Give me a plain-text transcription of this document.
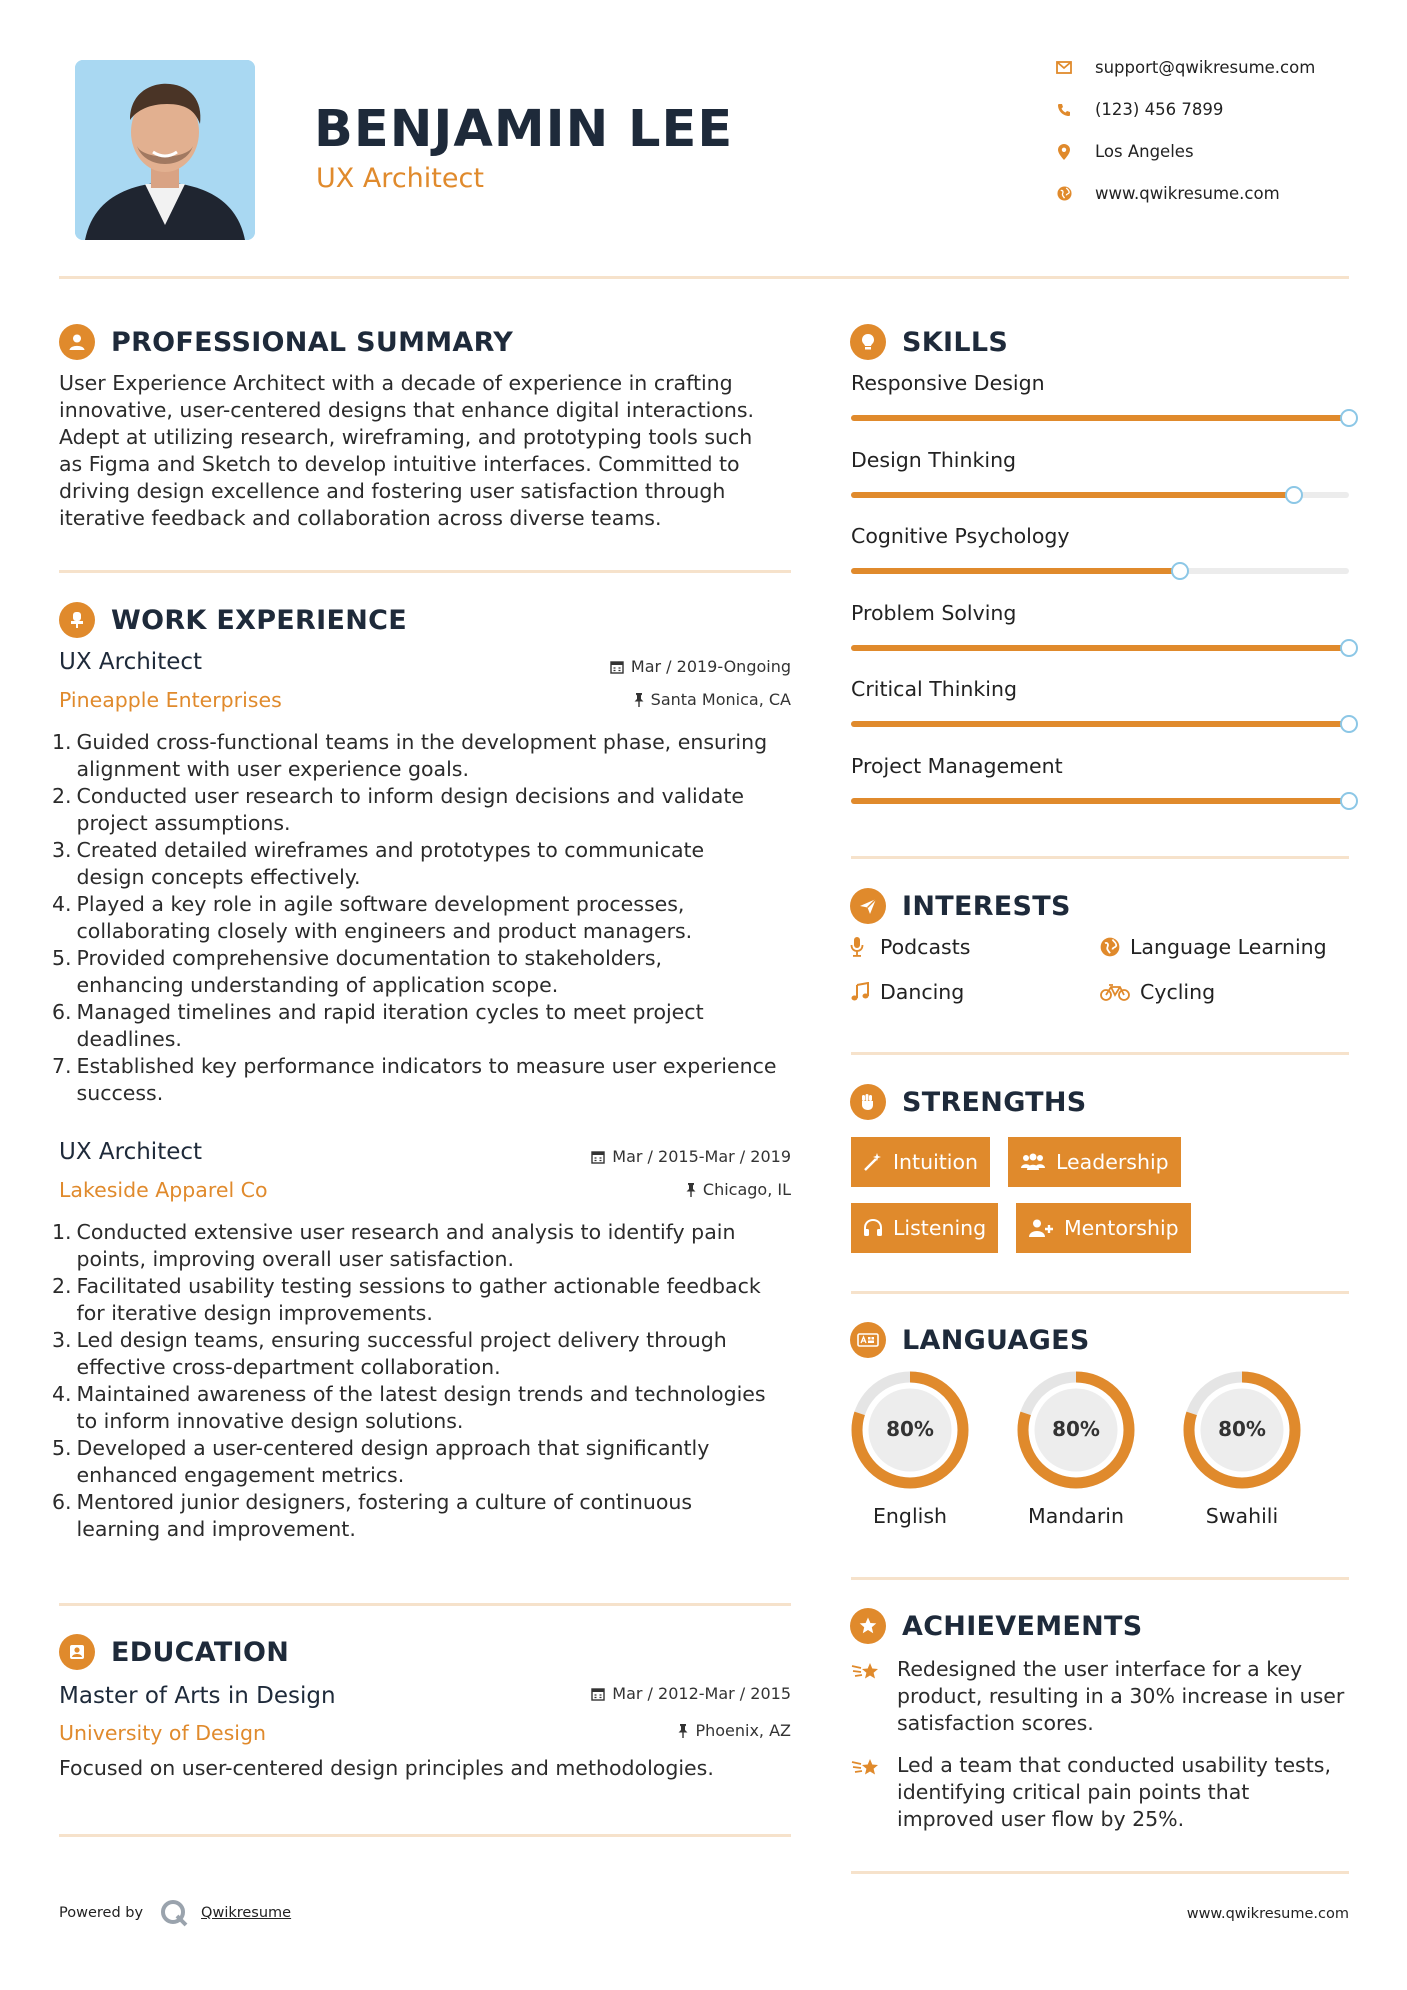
BENJAMIN LEE
UX Architect
support@qwikresume.com
(123) 456 7899
Los Angeles
www.qwikresume.com
PROFESSIONAL SUMMARY
User Experience Architect with a decade of experience in crafting
innovative, user-centered designs that enhance digital interactions.
Adept at utilizing research, wireframing, and prototyping tools such
as Figma and Sketch to develop intuitive interfaces. Committed to
driving design excellence and fostering user satisfaction through
iterative feedback and collaboration across diverse teams.
WORK EXPERIENCE
UX Architect
Pineapple Enterprises
Mar / 2019-Ongoing
Santa Monica, CA
1. Guided cross-functional teams in the development phase, ensuring
alignment with user experience goals.
2. Conducted user research to inform design decisions and validate
project assumptions.
3. Created detailed wireframes and prototypes to communicate
design concepts effectively.
4. Played a key role in agile software development processes,
collaborating closely with engineers and product managers.
5. Provided comprehensive documentation to stakeholders,
enhancing understanding of application scope.
6. Managed timelines and rapid iteration cycles to meet project
deadlines.
7. Established key performance indicators to measure user experience
success.
UX Architect
Lakeside Apparel Co
Mar / 2015-Mar / 2019
Chicago, IL
1. Conducted extensive user research and analysis to identify pain
points, improving overall user satisfaction.
2. Facilitated usability testing sessions to gather actionable feedback
for iterative design improvements.
3. Led design teams, ensuring successful project delivery through
effective cross-department collaboration.
4. Maintained awareness of the latest design trends and technologies
to inform innovative design solutions.
5. Developed a user-centered design approach that significantly
enhanced engagement metrics.
6. Mentored junior designers, fostering a culture of continuous
learning and improvement.
EDUCATION
Master of Arts in Design
University of Design
Mar / 2012-Mar / 2015
Phoenix, AZ
Focused on user-centered design principles and methodologies.
SKILLS
Responsive Design
Design Thinking
Cognitive Psychology
Problem Solving
Critical Thinking
Project Management
INTERESTS
Podcasts	Language Learning
Dancing	Cycling
STRENGTHS
Intuition	Leadership
Listening	Mentorship
LANGUAGES
80%
English
80%
Mandarin
80%
Swahili
ACHIEVEMENTS
Redesigned the user interface for a key
product, resulting in a 30% increase in user
satisfaction scores.
Led a team that conducted usability tests,
identifying critical pain points that
improved user flow by 25%.
Powered by	Qwikresume	www.qwikresume.com
